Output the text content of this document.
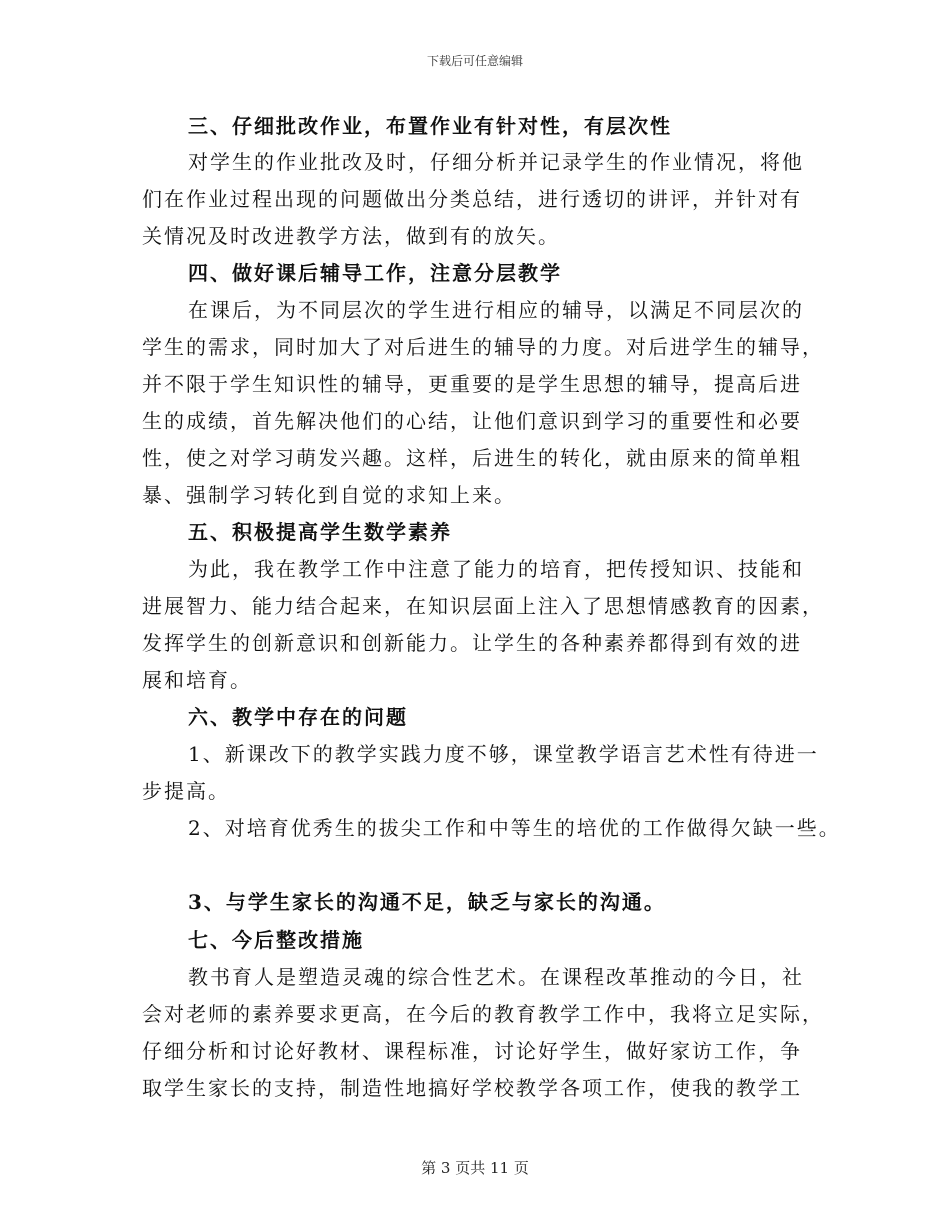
下载后可任意编辑
三、仔细批改作业，布置作业有针对性，有层次性
对学生的作业批改及时，仔细分析并记录学生的作业情况，将他
们在作业过程出现的问题做出分类总结，进行透切的讲评，并针对有
关情况及时改进教学方法，做到有的放矢。
四、做好课后辅导工作，注意分层教学
在课后，为不同层次的学生进行相应的辅导，以满足不同层次的
学生的需求，同时加大了对后进生的辅导的力度。对后进学生的辅导，
并不限于学生知识性的辅导，更重要的是学生思想的辅导，提高后进
生的成绩，首先解决他们的心结，让他们意识到学习的重要性和必要
性，使之对学习萌发兴趣。这样，后进生的转化，就由原来的简单粗
暴、强制学习转化到自觉的求知上来。
五、积极提高学生数学素养
为此，我在教学工作中注意了能力的培育，把传授知识、技能和
进展智力、能力结合起来，在知识层面上注入了思想情感教育的因素，
发挥学生的创新意识和创新能力。让学生的各种素养都得到有效的进
展和培育。
六、教学中存在的问题
1、新课改下的教学实践力度不够，课堂教学语言艺术性有待进一
步提高。
2、对培育优秀生的拔尖工作和中等生的培优的工作做得欠缺一些。
3、与学生家长的沟通不足，缺乏与家长的沟通。
七、今后整改措施
教书育人是塑造灵魂的综合性艺术。在课程改革推动的今日，社
会对老师的素养要求更高，在今后的教育教学工作中，我将立足实际，
仔细分析和讨论好教材、课程标准，讨论好学生，做好家访工作，争
取学生家长的支持，制造性地搞好学校教学各项工作，使我的教学工
第 3 页共 11 页
